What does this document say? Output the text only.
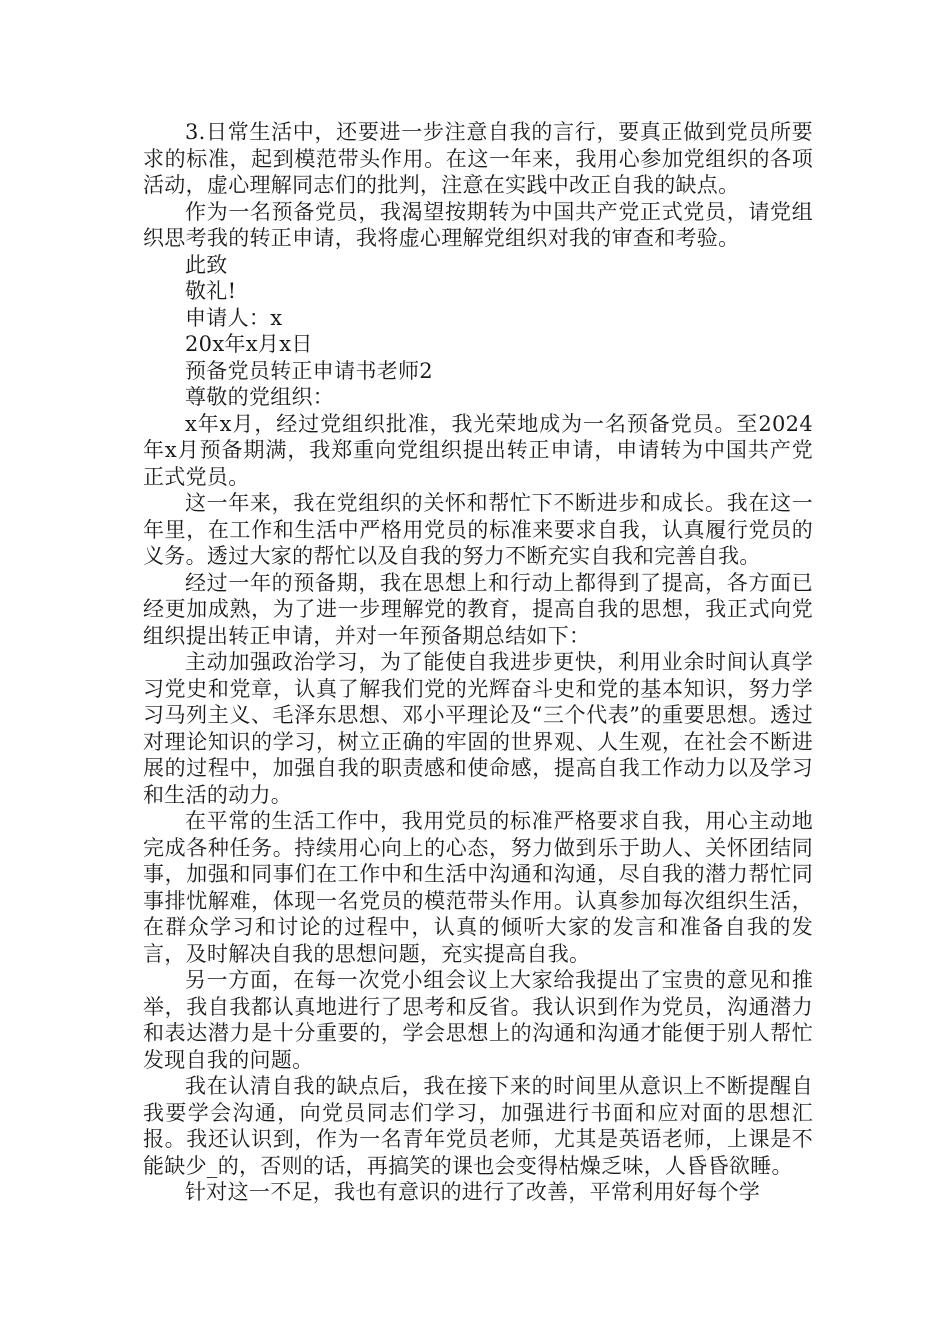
3.日常生活中，还要进一步注意自我的言行，要真正做到党员所要求的标准，起到模范带头作用。在这一年来，我用心参加党组织的各项活动，虚心理解同志们的批判，注意在实践中改正自我的缺点。

作为一名预备党员，我渴望按期转为中国共产党正式党员，请党组织思考我的转正申请，我将虚心理解党组织对我的审查和考验。

此致

敬礼!

申请人：x

20x年x月x日

预备党员转正申请书老师2

尊敬的党组织：

x年x月，经过党组织批准，我光荣地成为一名预备党员。至2024年x月预备期满，我郑重向党组织提出转正申请，申请转为中国共产党正式党员。

这一年来，我在党组织的关怀和帮忙下不断进步和成长。我在这一年里，在工作和生活中严格用党员的标准来要求自我，认真履行党员的义务。透过大家的帮忙以及自我的努力不断充实自我和完善自我。

经过一年的预备期，我在思想上和行动上都得到了提高，各方面已经更加成熟，为了进一步理解党的教育，提高自我的思想，我正式向党组织提出转正申请，并对一年预备期总结如下：

主动加强政治学习，为了能使自我进步更快，利用业余时间认真学习党史和党章，认真了解我们党的光辉奋斗史和党的基本知识，努力学习马列主义、毛泽东思想、邓小平理论及“三个代表”的重要思想。透过对理论知识的学习，树立正确的牢固的世界观、人生观，在社会不断进展的过程中，加强自我的职责感和使命感，提高自我工作动力以及学习和生活的动力。

在平常的生活工作中，我用党员的标准严格要求自我，用心主动地完成各种任务。持续用心向上的心态，努力做到乐于助人、关怀团结同事，加强和同事们在工作中和生活中沟通和沟通，尽自我的潜力帮忙同事排忧解难，体现一名党员的模范带头作用。认真参加每次组织生活，在群众学习和讨论的过程中，认真的倾听大家的发言和准备自我的发言，及时解决自我的思想问题，充实提高自我。

另一方面，在每一次党小组会议上大家给我提出了宝贵的意见和推举，我自我都认真地进行了思考和反省。我认识到作为党员，沟通潜力和表达潜力是十分重要的，学会思想上的沟通和沟通才能便于别人帮忙发现自我的问题。

我在认清自我的缺点后，我在接下来的时间里从意识上不断提醒自我要学会沟通，向党员同志们学习，加强进行书面和应对面的思想汇报。我还认识到，作为一名青年党员老师，尤其是英语老师，上课是不能缺少_的，否则的话，再搞笑的课也会变得枯燥乏味，人昏昏欲睡。

针对这一不足，我也有意识的进行了改善，平常利用好每个学
